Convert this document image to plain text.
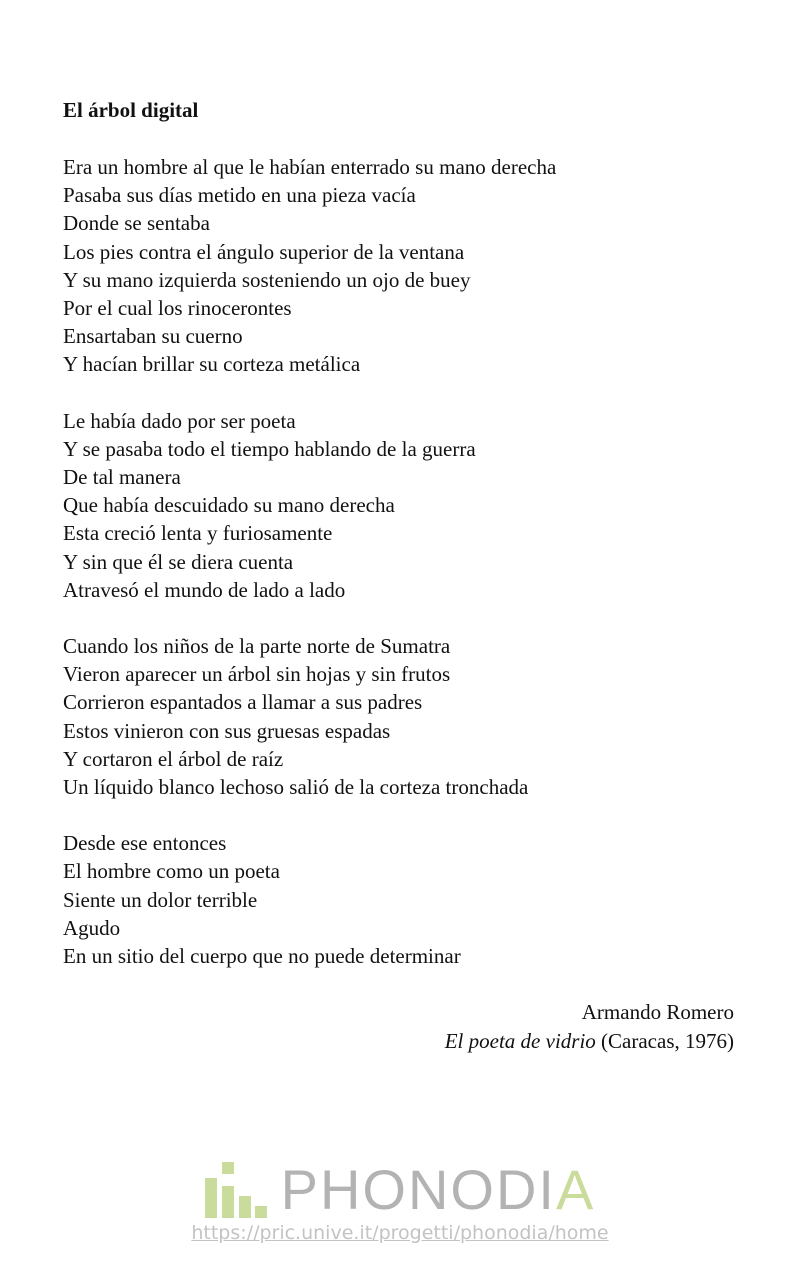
El árbol digital
Era un hombre al que le habían enterrado su mano derecha
Pasaba sus días metido en una pieza vacía
Donde se sentaba
Los pies contra el ángulo superior de la ventana
Y su mano izquierda sosteniendo un ojo de buey
Por el cual los rinocerontes
Ensartaban su cuerno
Y hacían brillar su corteza metálica
Le había dado por ser poeta
Y se pasaba todo el tiempo hablando de la guerra
De tal manera
Que había descuidado su mano derecha
Esta creció lenta y furiosamente
Y sin que él se diera cuenta
Atravesó el mundo de lado a lado
Cuando los niños de la parte norte de Sumatra
Vieron aparecer un árbol sin hojas y sin frutos
Corrieron espantados a llamar a sus padres
Estos vinieron con sus gruesas espadas
Y cortaron el árbol de raíz
Un líquido blanco lechoso salió de la corteza tronchada
Desde ese entonces
El hombre como un poeta
Siente un dolor terrible
Agudo
En un sitio del cuerpo que no puede determinar
Armando Romero
El poeta de vidrio (Caracas, 1976)
PHONODIA
https://pric.unive.it/progetti/phonodia/home
